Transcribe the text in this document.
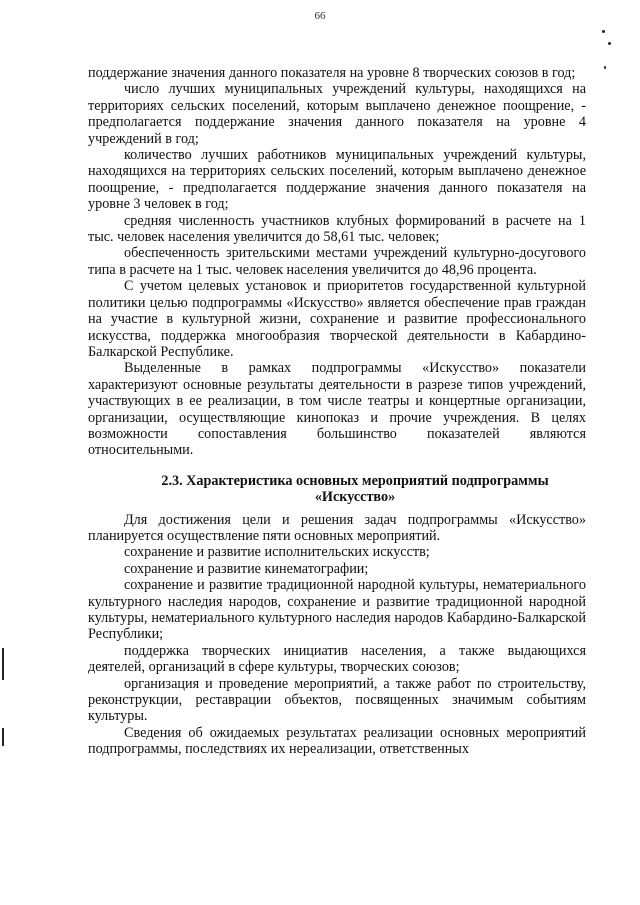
66

поддержание значения данного показателя на уровне 8 творческих союзов в год;

число лучших муниципальных учреждений культуры, находящихся на территориях сельских поселений, которым выплачено денежное поощрение, - предполагается поддержание значения данного показателя на уровне 4 учреждений в год;

количество лучших работников муниципальных учреждений культуры, находящихся на территориях сельских поселений, которым выплачено денежное поощрение, - предполагается поддержание значения данного показателя на уровне 3 человек в год;

средняя численность участников клубных формирований в расчете на 1 тыс. человек населения увеличится до 58,61 тыс. человек;

обеспеченность зрительскими местами учреждений культурно-досугового типа в расчете на 1 тыс. человек населения увеличится до 48,96 процента.

С учетом целевых установок и приоритетов государственной культурной политики целью подпрограммы «Искусство» является обеспечение прав граждан на участие в культурной жизни, сохранение и развитие профессионального искусства, поддержка многообразия творческой деятельности в Кабардино-Балкарской Республике.

Выделенные в рамках подпрограммы «Искусство» показатели характеризуют основные результаты деятельности в разрезе типов учреждений, участвующих в ее реализации, в том числе театры и концертные организации, организации, осуществляющие кинопоказ и прочие учреждения. В целях возможности сопоставления большинство показателей являются относительными.

2.3. Характеристика основных мероприятий подпрограммы
«Искусство»

Для достижения цели и решения задач подпрограммы «Искусство» планируется осуществление пяти основных мероприятий.

сохранение и развитие исполнительских искусств;

сохранение и развитие кинематографии;

сохранение и развитие традиционной народной культуры, нематериального культурного наследия народов, сохранение и развитие традиционной народной культуры, нематериального культурного наследия народов Кабардино-Балкарской Республики;

поддержка творческих инициатив населения, а также выдающихся деятелей, организаций в сфере культуры, творческих союзов;

организация и проведение мероприятий, а также работ по строительству, реконструкции, реставрации объектов, посвященных значимым событиям культуры.

Сведения об ожидаемых результатах реализации основных мероприятий подпрограммы, последствиях их нереализации, ответственных
